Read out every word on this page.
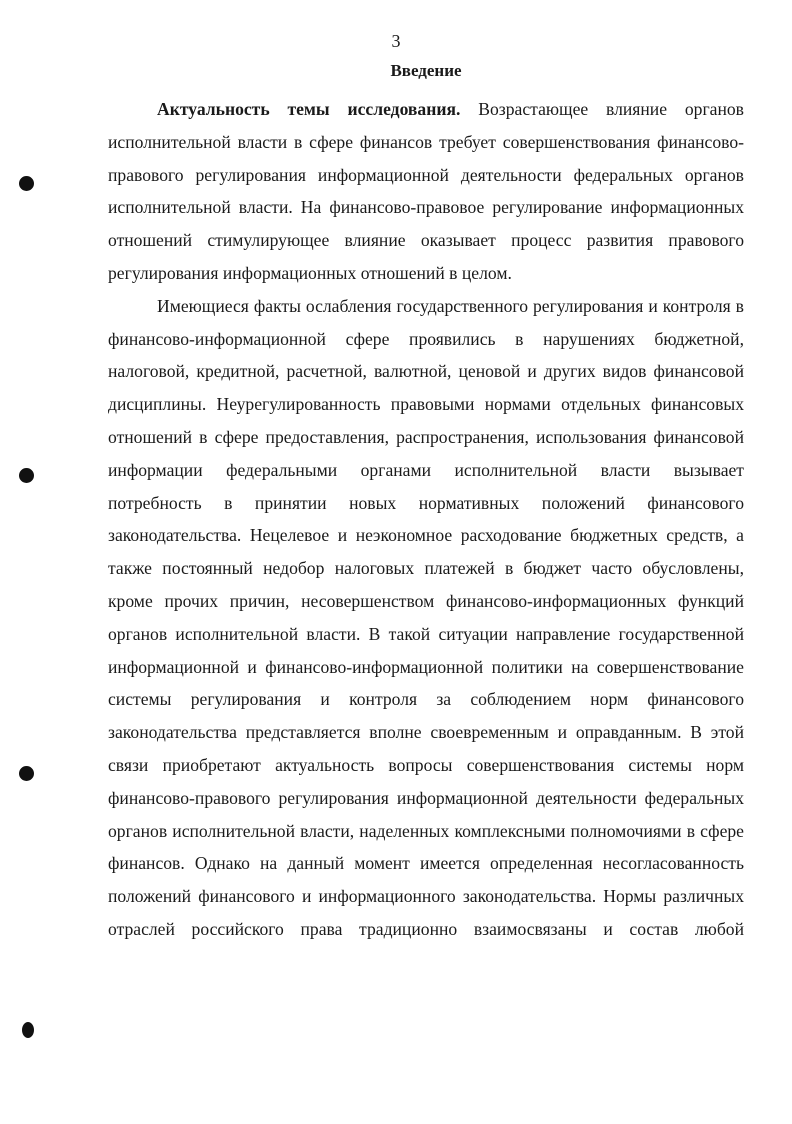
3
Введение

Актуальность темы исследования. Возрастающее влияние органов исполнительной власти в сфере финансов требует совершенствования финансово-правового регулирования информационной деятельности федеральных органов исполнительной власти. На финансово-правовое регулирование информационных отношений стимулирующее влияние оказывает процесс развития правового регулирования информационных отношений в целом.

Имеющиеся факты ослабления государственного регулирования и контроля в финансово-информационной сфере проявились в нарушениях бюджетной, налоговой, кредитной, расчетной, валютной, ценовой и других видов финансовой дисциплины. Неурегулированность правовыми нормами отдельных финансовых отношений в сфере предоставления, распространения, использования финансовой информации федеральными органами исполнительной власти вызывает потребность в принятии новых нормативных положений финансового законодательства. Нецелевое и неэкономное расходование бюджетных средств, а также постоянный недобор налоговых платежей в бюджет часто обусловлены, кроме прочих причин, несовершенством финансово-информационных функций органов исполнительной власти. В такой ситуации направление государственной информационной и финансово-информационной политики на совершенствование системы регулирования и контроля за соблюдением норм финансового законодательства представляется вполне своевременным и оправданным. В этой связи приобретают актуальность вопросы совершенствования системы норм финансово-правового регулирования информационной деятельности федеральных органов исполнительной власти, наделенных комплексными полномочиями в сфере финансов. Однако на данный момент имеется определенная несогласованность положений финансового и информационного законодательства. Нормы различных отраслей российского права традиционно взаимосвязаны и состав любой
